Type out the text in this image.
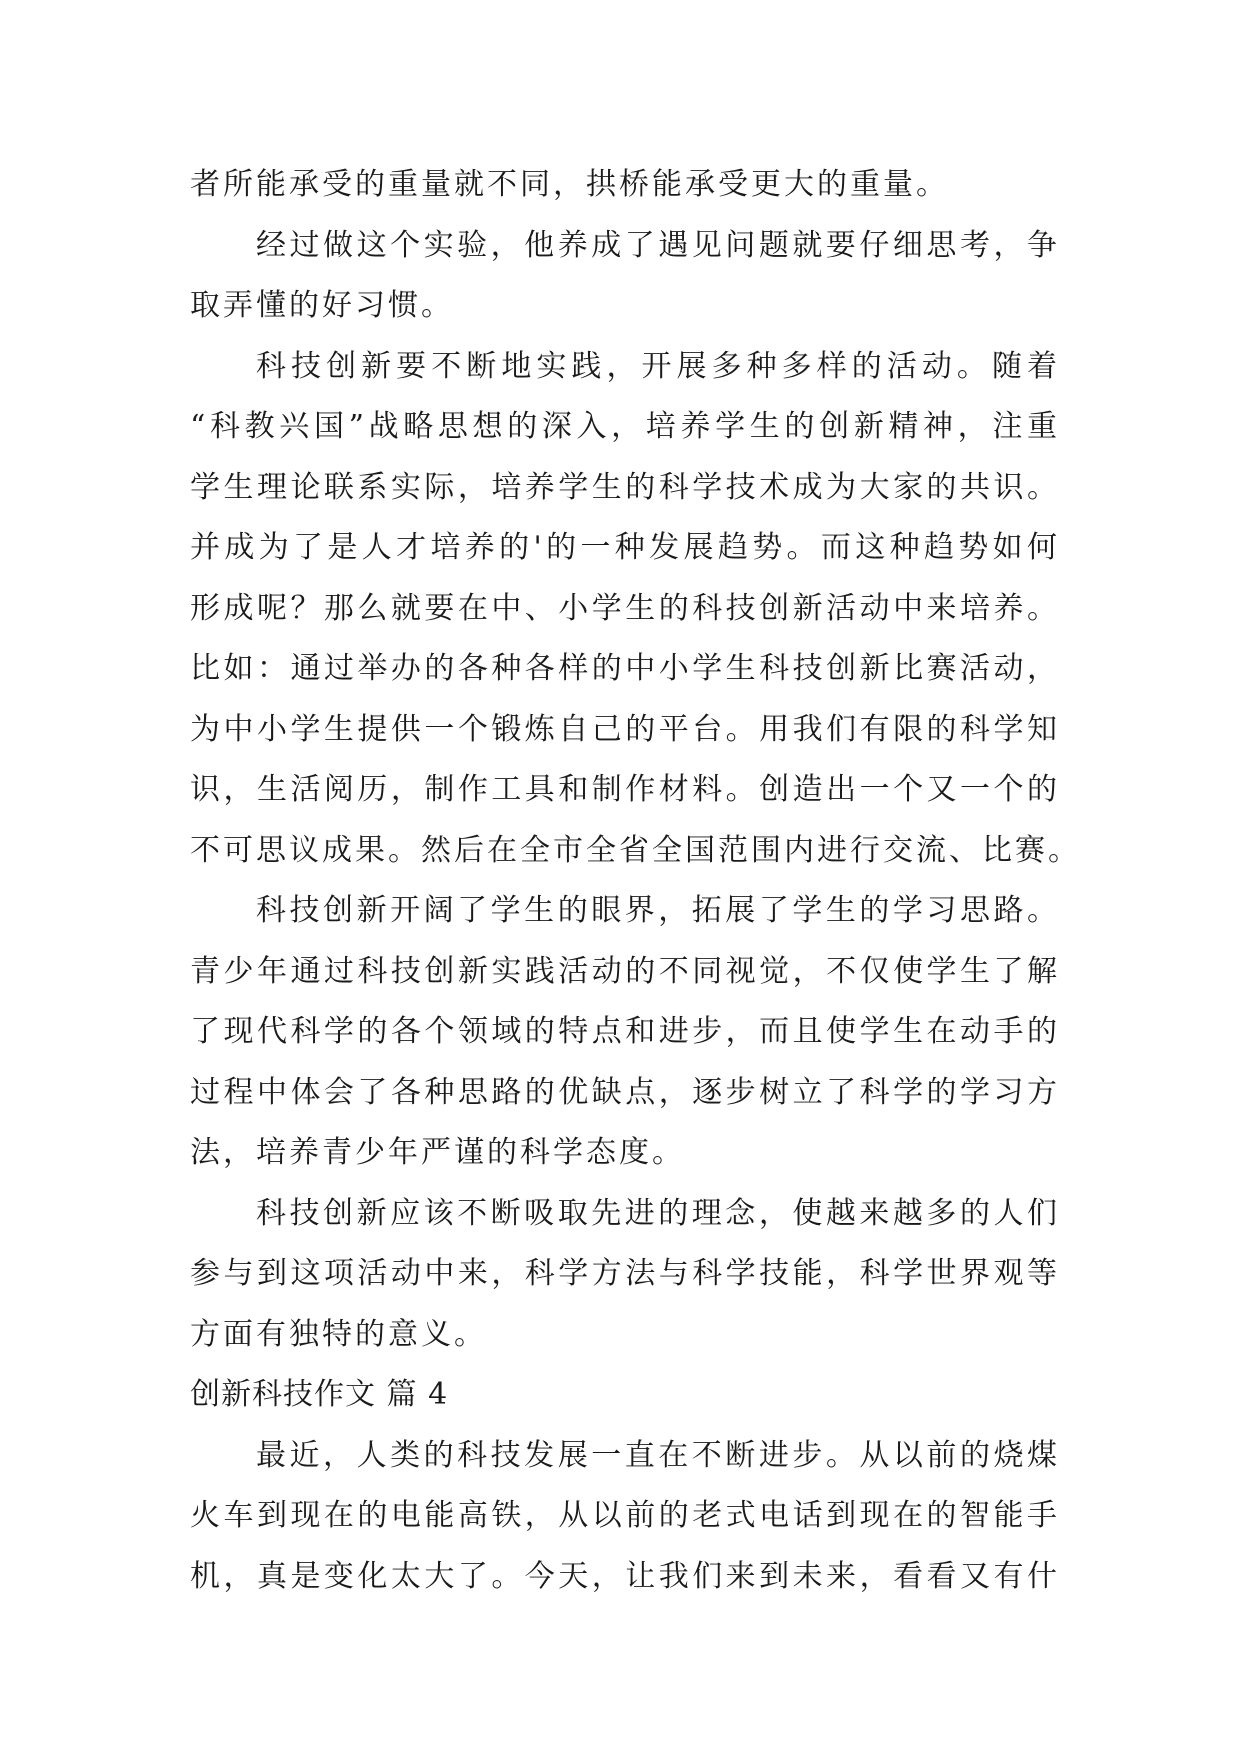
者所能承受的重量就不同，拱桥能承受更大的重量。
经过做这个实验，他养成了遇见问题就要仔细思考，争
取弄懂的好习惯。
科技创新要不断地实践，开展多种多样的活动。随着
“科教兴国”战略思想的深入，培养学生的创新精神，注重
学生理论联系实际，培养学生的科学技术成为大家的共识。
并成为了是人才培养的'的一种发展趋势。而这种趋势如何
形成呢？那么就要在中、小学生的科技创新活动中来培养。
比如：通过举办的各种各样的中小学生科技创新比赛活动，
为中小学生提供一个锻炼自己的平台。用我们有限的科学知
识，生活阅历，制作工具和制作材料。创造出一个又一个的
不可思议成果。然后在全市全省全国范围内进行交流、比赛。
科技创新开阔了学生的眼界，拓展了学生的学习思路。
青少年通过科技创新实践活动的不同视觉，不仅使学生了解
了现代科学的各个领域的特点和进步，而且使学生在动手的
过程中体会了各种思路的优缺点，逐步树立了科学的学习方
法，培养青少年严谨的科学态度。
科技创新应该不断吸取先进的理念，使越来越多的人们
参与到这项活动中来，科学方法与科学技能，科学世界观等
方面有独特的意义。
创新科技作文 篇 4
最近，人类的科技发展一直在不断进步。从以前的烧煤
火车到现在的电能高铁，从以前的老式电话到现在的智能手
机，真是变化太大了。今天，让我们来到未来，看看又有什
